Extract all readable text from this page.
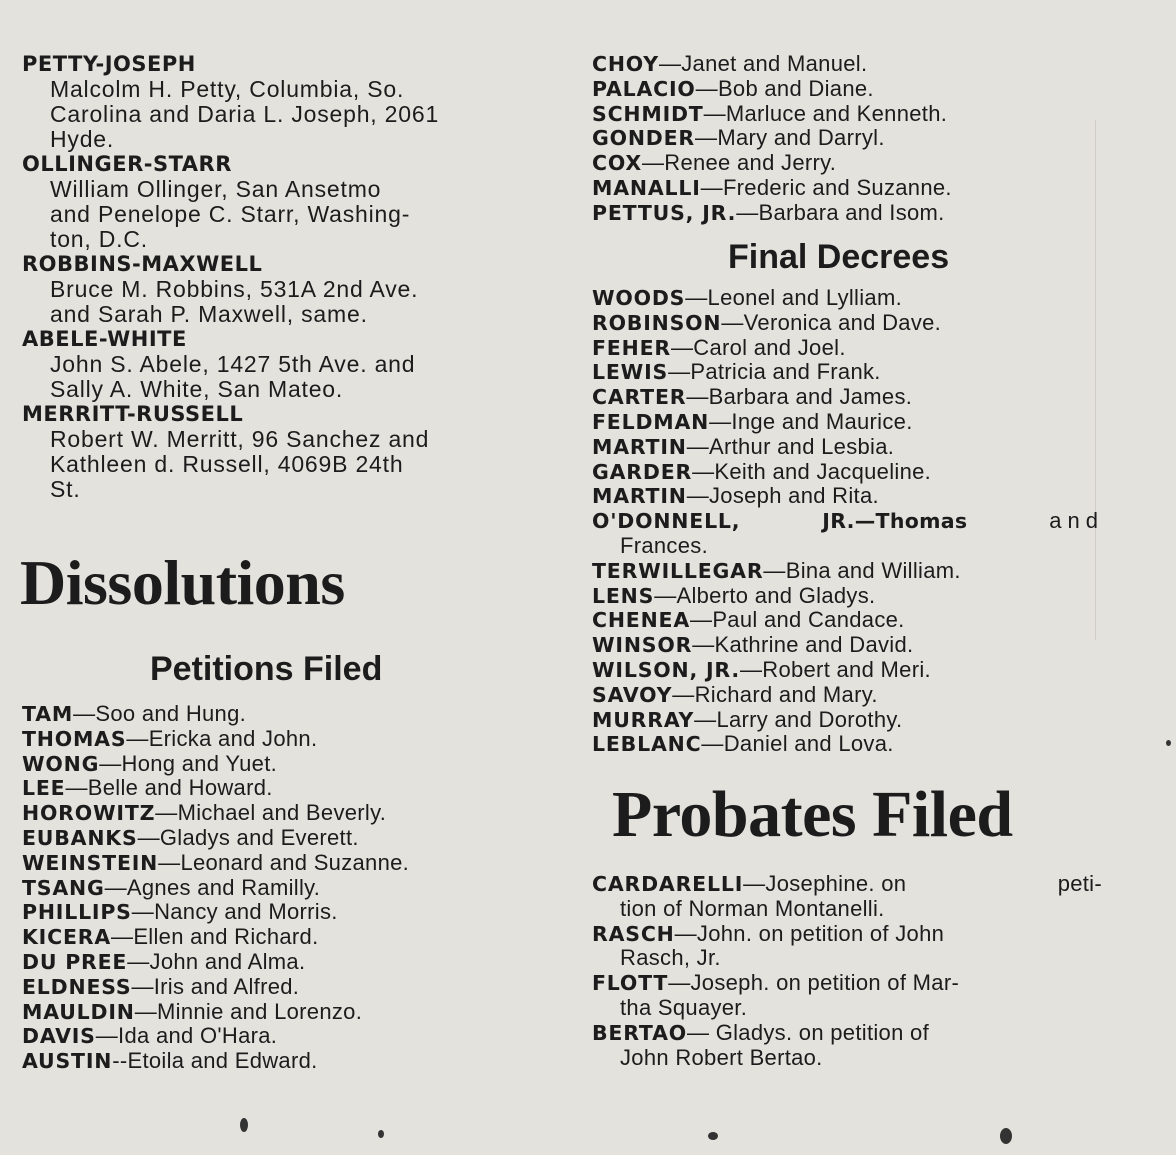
PETTY-JOSEPH

Malcolm H. Petty, Columbia, So.

Carolina and Daria L. Joseph, 2061

Hyde.

OLLINGER-STARR

William Ollinger, San Ansetmo

and Penelope C. Starr, Washing-

ton, D.C.

ROBBINS-MAXWELL

Bruce M. Robbins, 531A 2nd Ave.

and Sarah P. Maxwell, same.

ABELE-WHITE

John S. Abele, 1427 5th Ave. and

Sally A. White, San Mateo.

MERRITT-RUSSELL

Robert W. Merritt, 96 Sanchez and

Kathleen d. Russell, 4069B 24th

St.

Dissolutions
Petitions Filed
TAM—Soo and Hung.
THOMAS—Ericka and John.
WONG—Hong and Yuet.
LEE—Belle and Howard.
HOROWITZ—Michael and Beverly.
EUBANKS—Gladys and Everett.
WEINSTEIN—Leonard and Suzanne.
TSANG—Agnes and Ramilly.
PHILLIPS—Nancy and Morris.
KICERA—Ellen and Richard.
DU PREE—John and Alma.
ELDNESS—Iris and Alfred.
MAULDIN—Minnie and Lorenzo.
DAVIS—Ida and O'Hara.
AUSTIN--Etoila and Edward.
CHOY—Janet and Manuel.
PALACIO—Bob and Diane.
SCHMIDT—Marluce and Kenneth.
GONDER—Mary and Darryl.
COX—Renee and Jerry.
MANALLI—Frederic and Suzanne.
PETTUS, JR.—Barbara and Isom.
Final Decrees
WOODS—Leonel and Lylliam.
ROBINSON—Veronica and Dave.
FEHER—Carol and Joel.
LEWIS—Patricia and Frank.
CARTER—Barbara and James.
FELDMAN—Inge and Maurice.
MARTIN—Arthur and Lesbia.
GARDER—Keith and Jacqueline.
MARTIN—Joseph and Rita.
O'DONNELL,	JR.—Thomas	and
Frances.
TERWILLEGAR—Bina and William.
LENS—Alberto and Gladys.
CHENEA—Paul and Candace.
WINSOR—Kathrine and David.
WILSON, JR.—Robert and Meri.
SAVOY—Richard and Mary.
MURRAY—Larry and Dorothy.
LEBLANC—Daniel and Lova.
Probates Filed
CARDARELLI—Josephine. on	peti-
tion of Norman Montanelli.
RASCH—John. on petition of John
Rasch, Jr.
FLOTT—Joseph. on petition of Mar-
tha Squayer.
BERTAO— Gladys. on petition of
John Robert Bertao.
